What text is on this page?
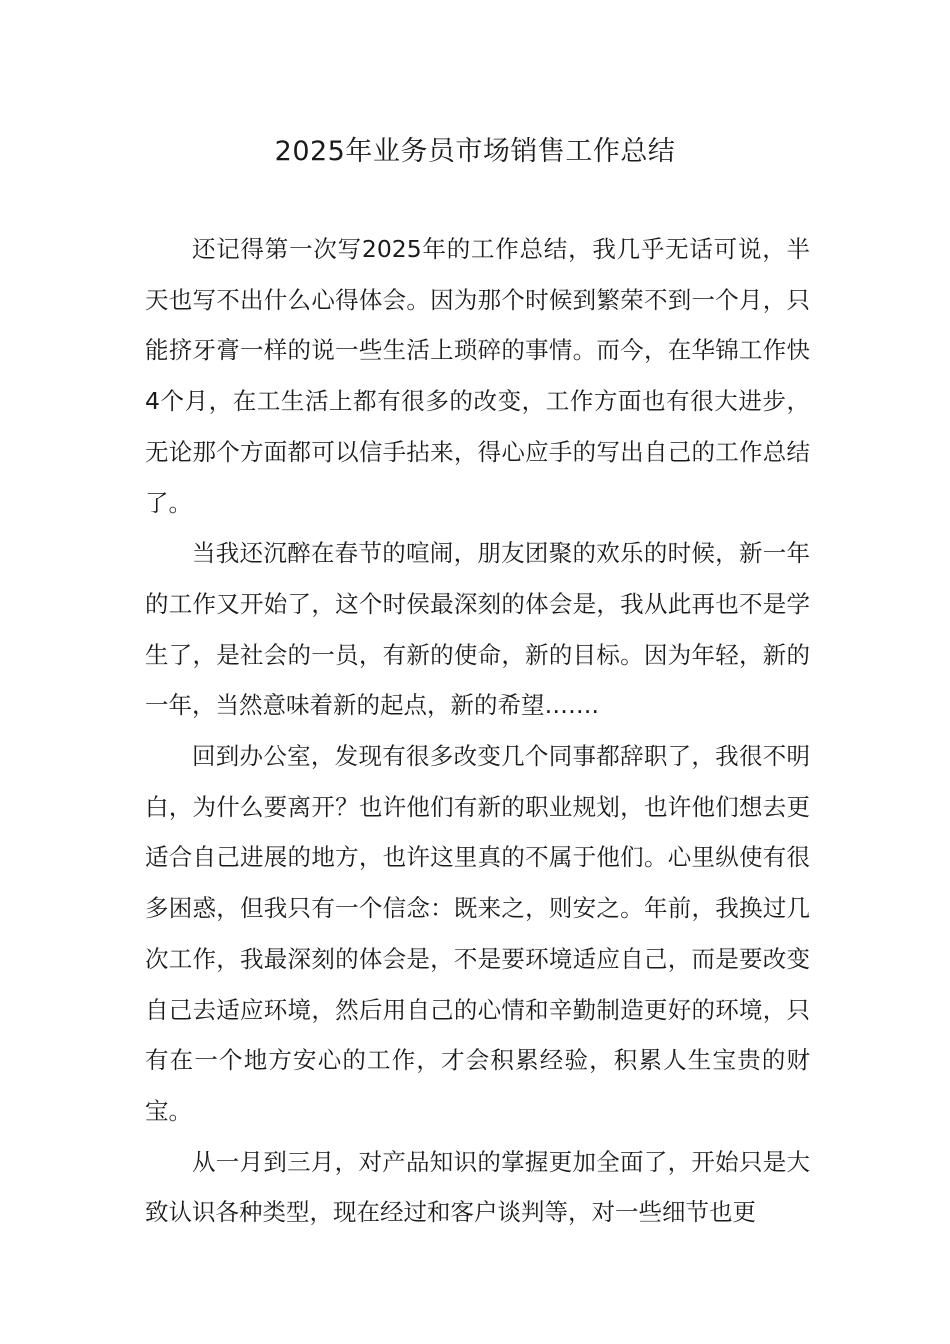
2025年业务员市场销售工作总结

还记得第一次写2025年的工作总结，我几乎无话可说，半天也写不出什么心得体会。因为那个时候到繁荣不到一个月，只能挤牙膏一样的说一些生活上琐碎的事情。而今，在华锦工作快4个月，在工生活上都有很多的改变，工作方面也有很大进步，无论那个方面都可以信手拈来，得心应手的写出自己的工作总结了。

当我还沉醉在春节的喧闹，朋友团聚的欢乐的时候，新一年的工作又开始了，这个时侯最深刻的体会是，我从此再也不是学生了，是社会的一员，有新的使命，新的目标。因为年轻，新的一年，当然意味着新的起点，新的希望…….

回到办公室，发现有很多改变几个同事都辞职了，我很不明白，为什么要离开？也许他们有新的职业规划，也许他们想去更适合自己进展的地方，也许这里真的不属于他们。心里纵使有很多困惑，但我只有一个信念：既来之，则安之。年前，我换过几次工作，我最深刻的体会是，不是要环境适应自己，而是要改变自己去适应环境，然后用自己的心情和辛勤制造更好的环境，只有在一个地方安心的工作，才会积累经验，积累人生宝贵的财宝。

从一月到三月，对产品知识的掌握更加全面了，开始只是大致认识各种类型，现在经过和客户谈判等，对一些细节也更
